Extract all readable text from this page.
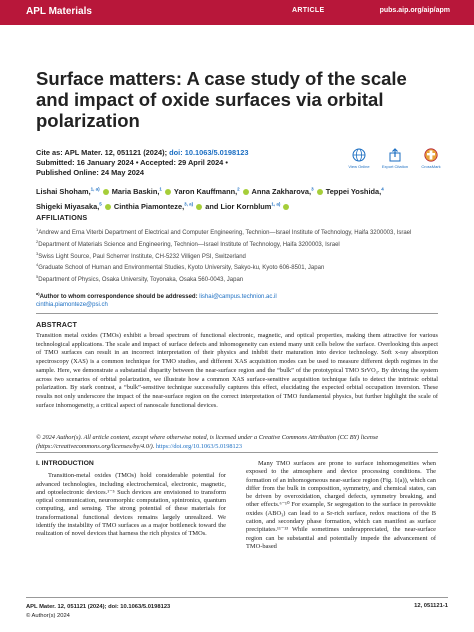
APL Materials	ARTICLE	pubs.aip.org/aip/apm
Surface matters: A case study of the scale and impact of oxide surfaces via orbital polarization
Cite as: APL Mater. 12, 051121 (2024); doi: 10.1063/5.0198123
Submitted: 16 January 2024 • Accepted: 29 April 2024 •
Published Online: 24 May 2024
View Online	Export Citation	CrossMark
Lishai Shoham,$^{1, a)}$ Maria Baskin,$^1$ Yaron Kauffmann,$^2$ Anna Zakharova,$^3$ Teppei Yoshida,$^4$
Shigeki Miyasaka,$^5$ Cinthia Piamonteze,$^{3, a)}$ and Lior Kornblum$^{1, a)}$
AFFILIATIONS
$^1$Andrew and Erna Viterbi Department of Electrical and Computer Engineering, Technion—Israel Institute of Technology, Haifa 3200003, Israel
$^2$Department of Materials Science and Engineering, Technion—Israel Institute of Technology, Haifa 3200003, Israel
$^3$Swiss Light Source, Paul Scherrer Institute, CH-5232 Villigen PSI, Switzerland
$^4$Graduate School of Human and Environmental Studies, Kyoto University, Sakyo-ku, Kyoto 606-8501, Japan
$^5$Department of Physics, Osaka University, Toyonaka, Osaka 560-0043, Japan
$^{a)}$Author to whom correspondence should be addressed: lishai@campus.technion.ac.il
cinthia.piamonteze@psi.ch
ABSTRACT

Transition metal oxides (TMOs) exhibit a broad spectrum of functional electronic, magnetic, and optical properties, making them attractive for various technological applications. The scale and impact of surface defects and inhomogeneity can extend many unit cells below the surface. Overlooking this aspect of TMO surfaces can result in an incorrect interpretation of their physics and inhibit their maturation into device technology. Soft x-ray absorption spectroscopy (XAS) is a common technique for TMO studies, and different XAS acquisition modes can be used to measure different depth regimes in the sample. Here, we demonstrate a substantial disparity between the near-surface region and the “bulk” of the prototypical TMO SrVO₃. By driving the system across two scenarios of orbital polarization, we illustrate how a common XAS surface-sensitive acquisition technique fails to detect the intrinsic orbital polarization. By stark contrast, a “bulk”-sensitive technique successfully captures this effect, elucidating the expected orbital occupation inversion. These results not only underscore the impact of the near-surface region on the correct interpretation of TMO fundamental physics, but further highlight the scale of surface inhomogeneity, a critical aspect of nanoscale functional devices.

© 2024 Author(s). All article content, except where otherwise noted, is licensed under a Creative Commons Attribution (CC BY) license (https://creativecommons.org/licenses/by/4.0/). https://doi.org/10.1063/5.0198123
I. INTRODUCTION

Transition-metal oxides (TMOs) hold considerable potential for advanced technologies, including electrochemical, electronic, magnetic, and optoelectronic devices.¹⁻⁵ Such devices are envisioned to transform optical communication, neuromorphic computation, spintronics, quantum computing, and sensing. The strong potential of these materials for transformational functional devices remains largely unrealized. We identify the instability of TMO surfaces as a major bottleneck toward the realization of novel devices that harness the rich physics of TMOs.

Many TMO surfaces are prone to surface inhomogeneities when exposed to the atmosphere and device processing conditions. The formation of an inhomogeneous near-surface region (Fig. 1(a)), which can differ from the bulk in composition, symmetry, and chemical states, can be driven by overoxidation, charged defects, symmetry breaking, and other effects.⁶⁻¹⁰ For example, Sr segregation to the surface in perovskite oxides (ABO₃) can lead to a Sr-rich surface, redox reactions of the B cation, and secondary phase formation, which can manifest as surface precipitates.¹¹⁻¹³ While sometimes underappreciated, the near-surface region can be substantial and potentially impede the advancement of TMO-based

APL Mater. 12, 051121 (2024); doi: 10.1063/5.0198123
© Author(s) 2024
12, 051121-1
